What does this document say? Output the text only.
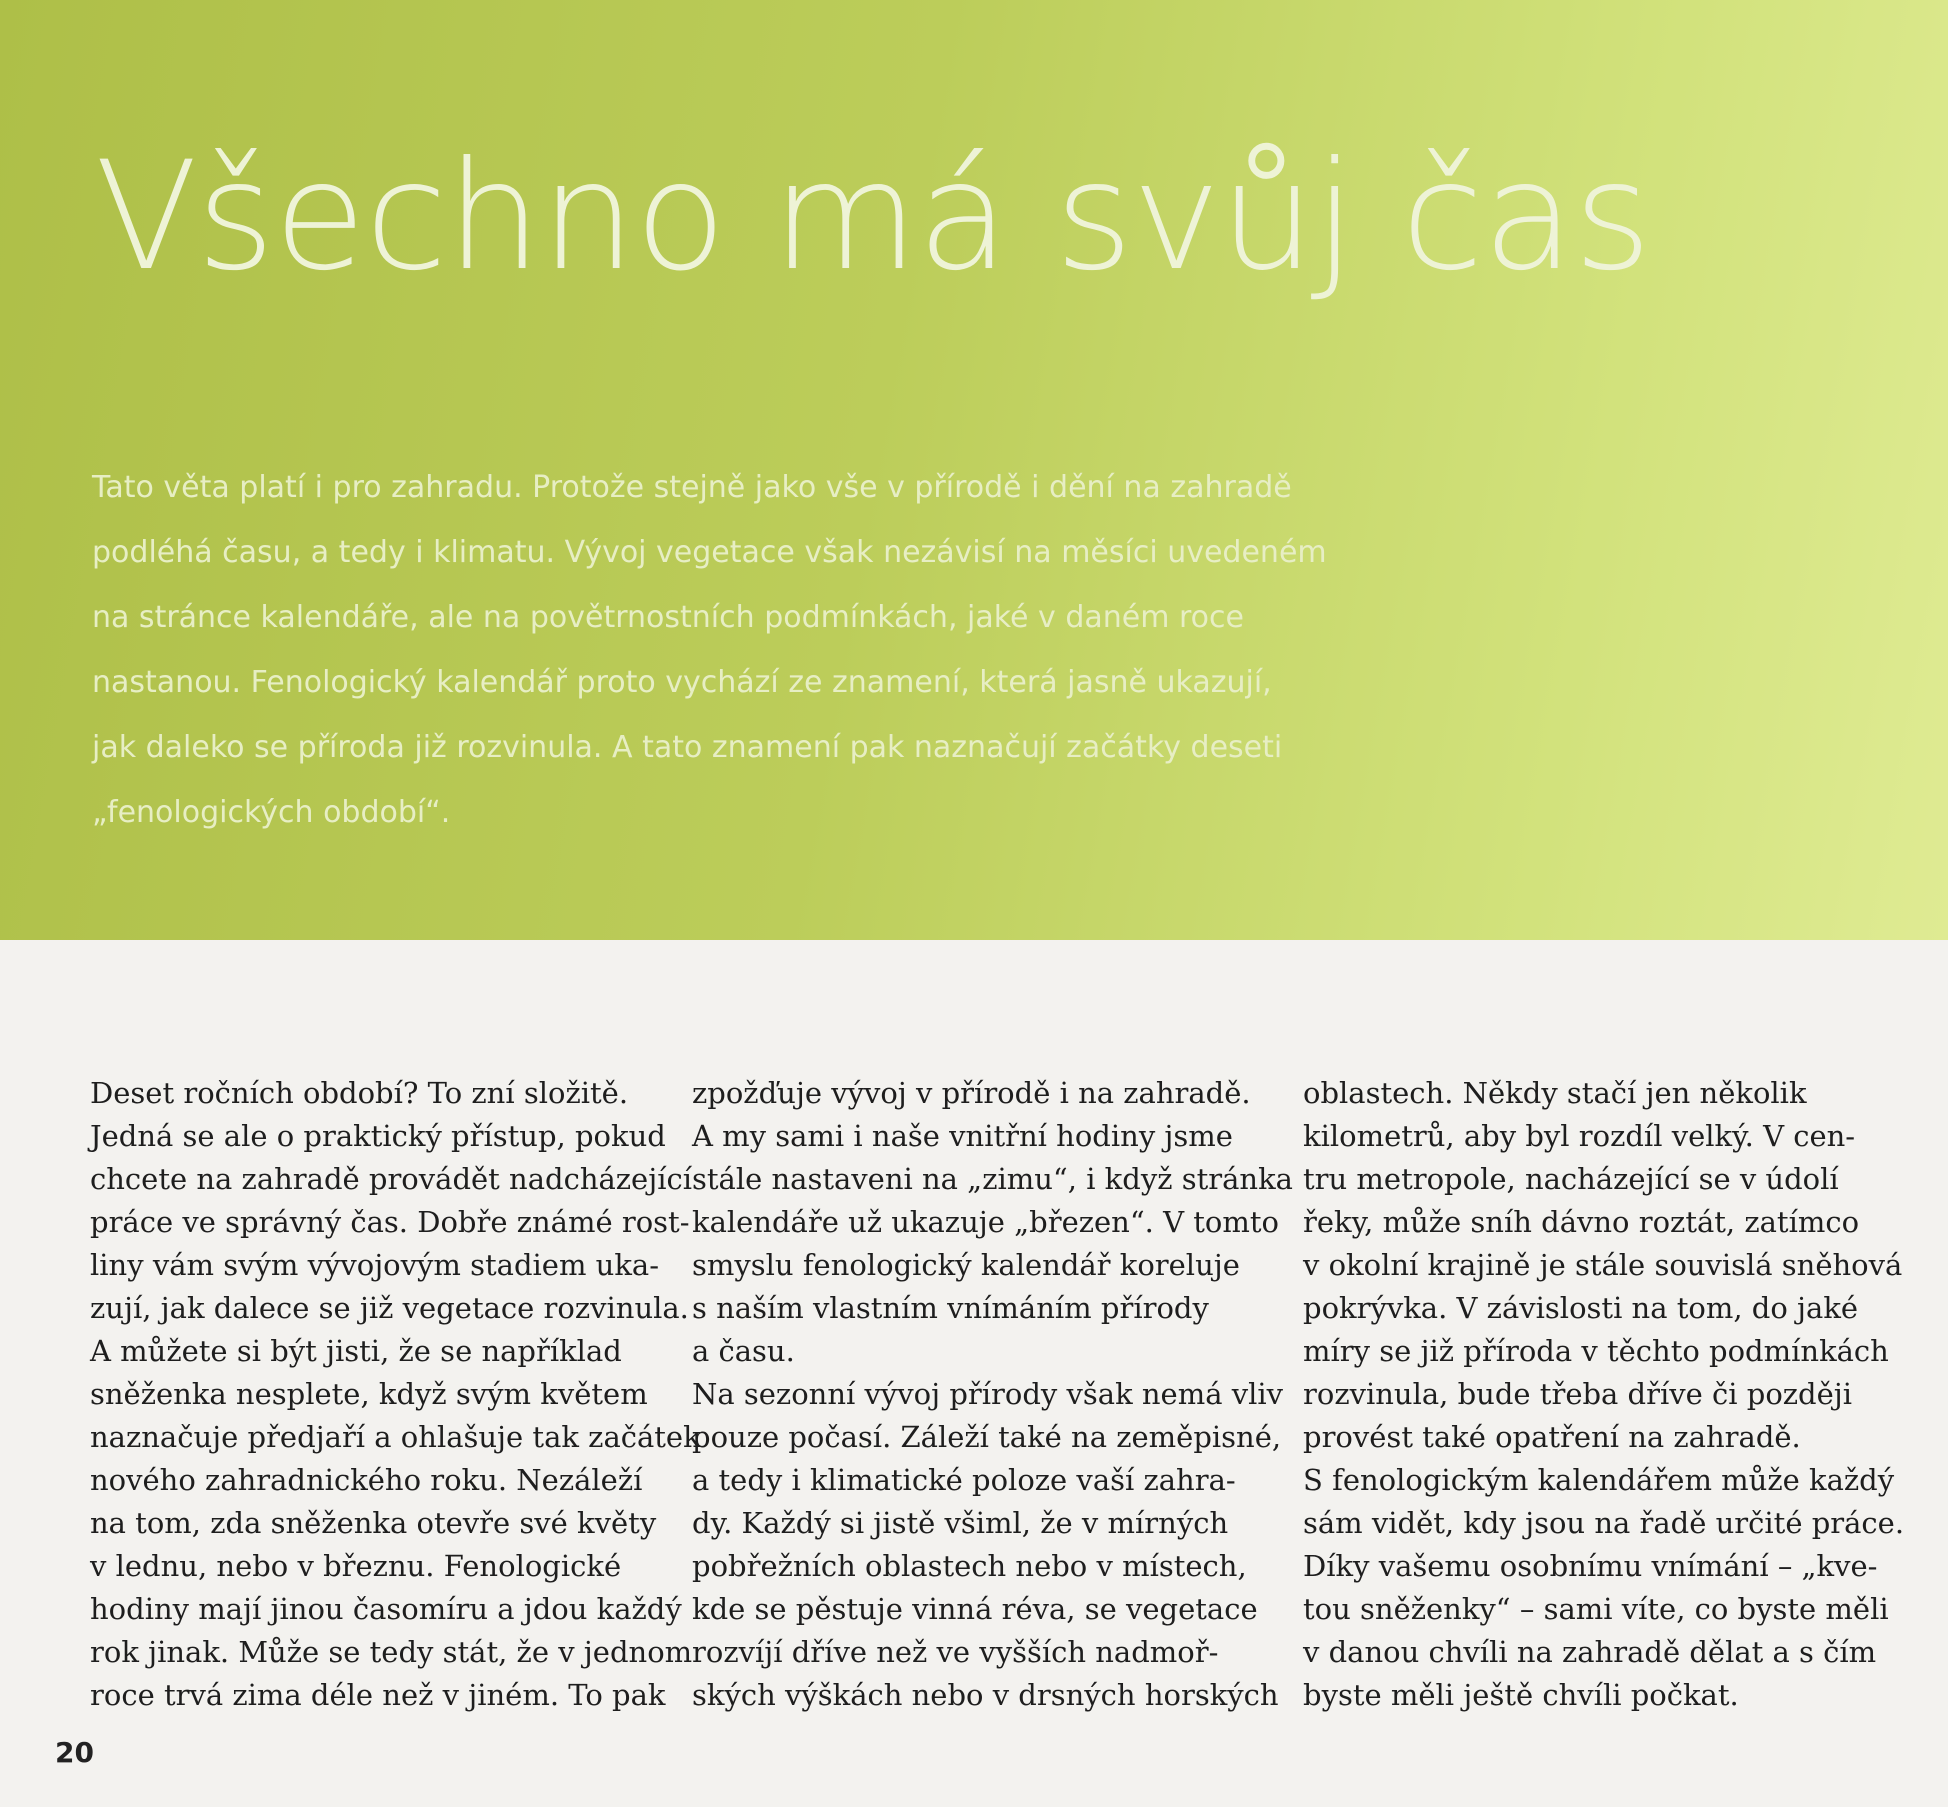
Všechno má svůj čas

Tato věta platí i pro zahradu. Protože stejně jako vše v přírodě i dění na zahradě
podléhá času, a tedy i klimatu. Vývoj vegetace však nezávisí na měsíci uvedeném
na stránce kalendáře, ale na povětrnostních podmínkách, jaké v daném roce
nastanou. Fenologický kalendář proto vychází ze znamení, která jasně ukazují,
jak daleko se příroda již rozvinula. A tato znamení pak naznačují začátky deseti
„fenologických období“.

Deset ročních období? To zní složitě.
Jedná se ale o praktický přístup, pokud
chcete na zahradě provádět nadcházející
práce ve správný čas. Dobře známé rost-
liny vám svým vývojovým stadiem uka-
zují, jak dalece se již vegetace rozvinula.
A můžete si být jisti, že se například
sněženka nesplete, když svým květem
naznačuje předjaří a ohlašuje tak začátek
nového zahradnického roku. Nezáleží
na tom, zda sněženka otevře své květy
v lednu, nebo v březnu. Fenologické
hodiny mají jinou časomíru a jdou každý
rok jinak. Může se tedy stát, že v jednom
roce trvá zima déle než v jiném. To pak
zpožďuje vývoj v přírodě i na zahradě.
A my sami i naše vnitřní hodiny jsme
stále nastaveni na „zimu“, i když stránka
kalendáře už ukazuje „březen“. V tomto
smyslu fenologický kalendář koreluje
s naším vlastním vnímáním přírody
a času.
Na sezonní vývoj přírody však nemá vliv
pouze počasí. Záleží také na zeměpisné,
a tedy i klimatické poloze vaší zahra-
dy. Každý si jistě všiml, že v mírných
pobřežních oblastech nebo v místech,
kde se pěstuje vinná réva, se vegetace
rozvíjí dříve než ve vyšších nadmoř-
ských výškách nebo v drsných horských
oblastech. Někdy stačí jen několik
kilometrů, aby byl rozdíl velký. V cen-
tru metropole, nacházející se v údolí
řeky, může sníh dávno roztát, zatímco
v okolní krajině je stále souvislá sněhová
pokrývka. V závislosti na tom, do jaké
míry se již příroda v těchto podmínkách
rozvinula, bude třeba dříve či později
provést také opatření na zahradě.
S fenologickým kalendářem může každý
sám vidět, kdy jsou na řadě určité práce.
Díky vašemu osobnímu vnímání – „kve-
tou sněženky“ – sami víte, co byste měli
v danou chvíli na zahradě dělat a s čím
byste měli ještě chvíli počkat.

20
